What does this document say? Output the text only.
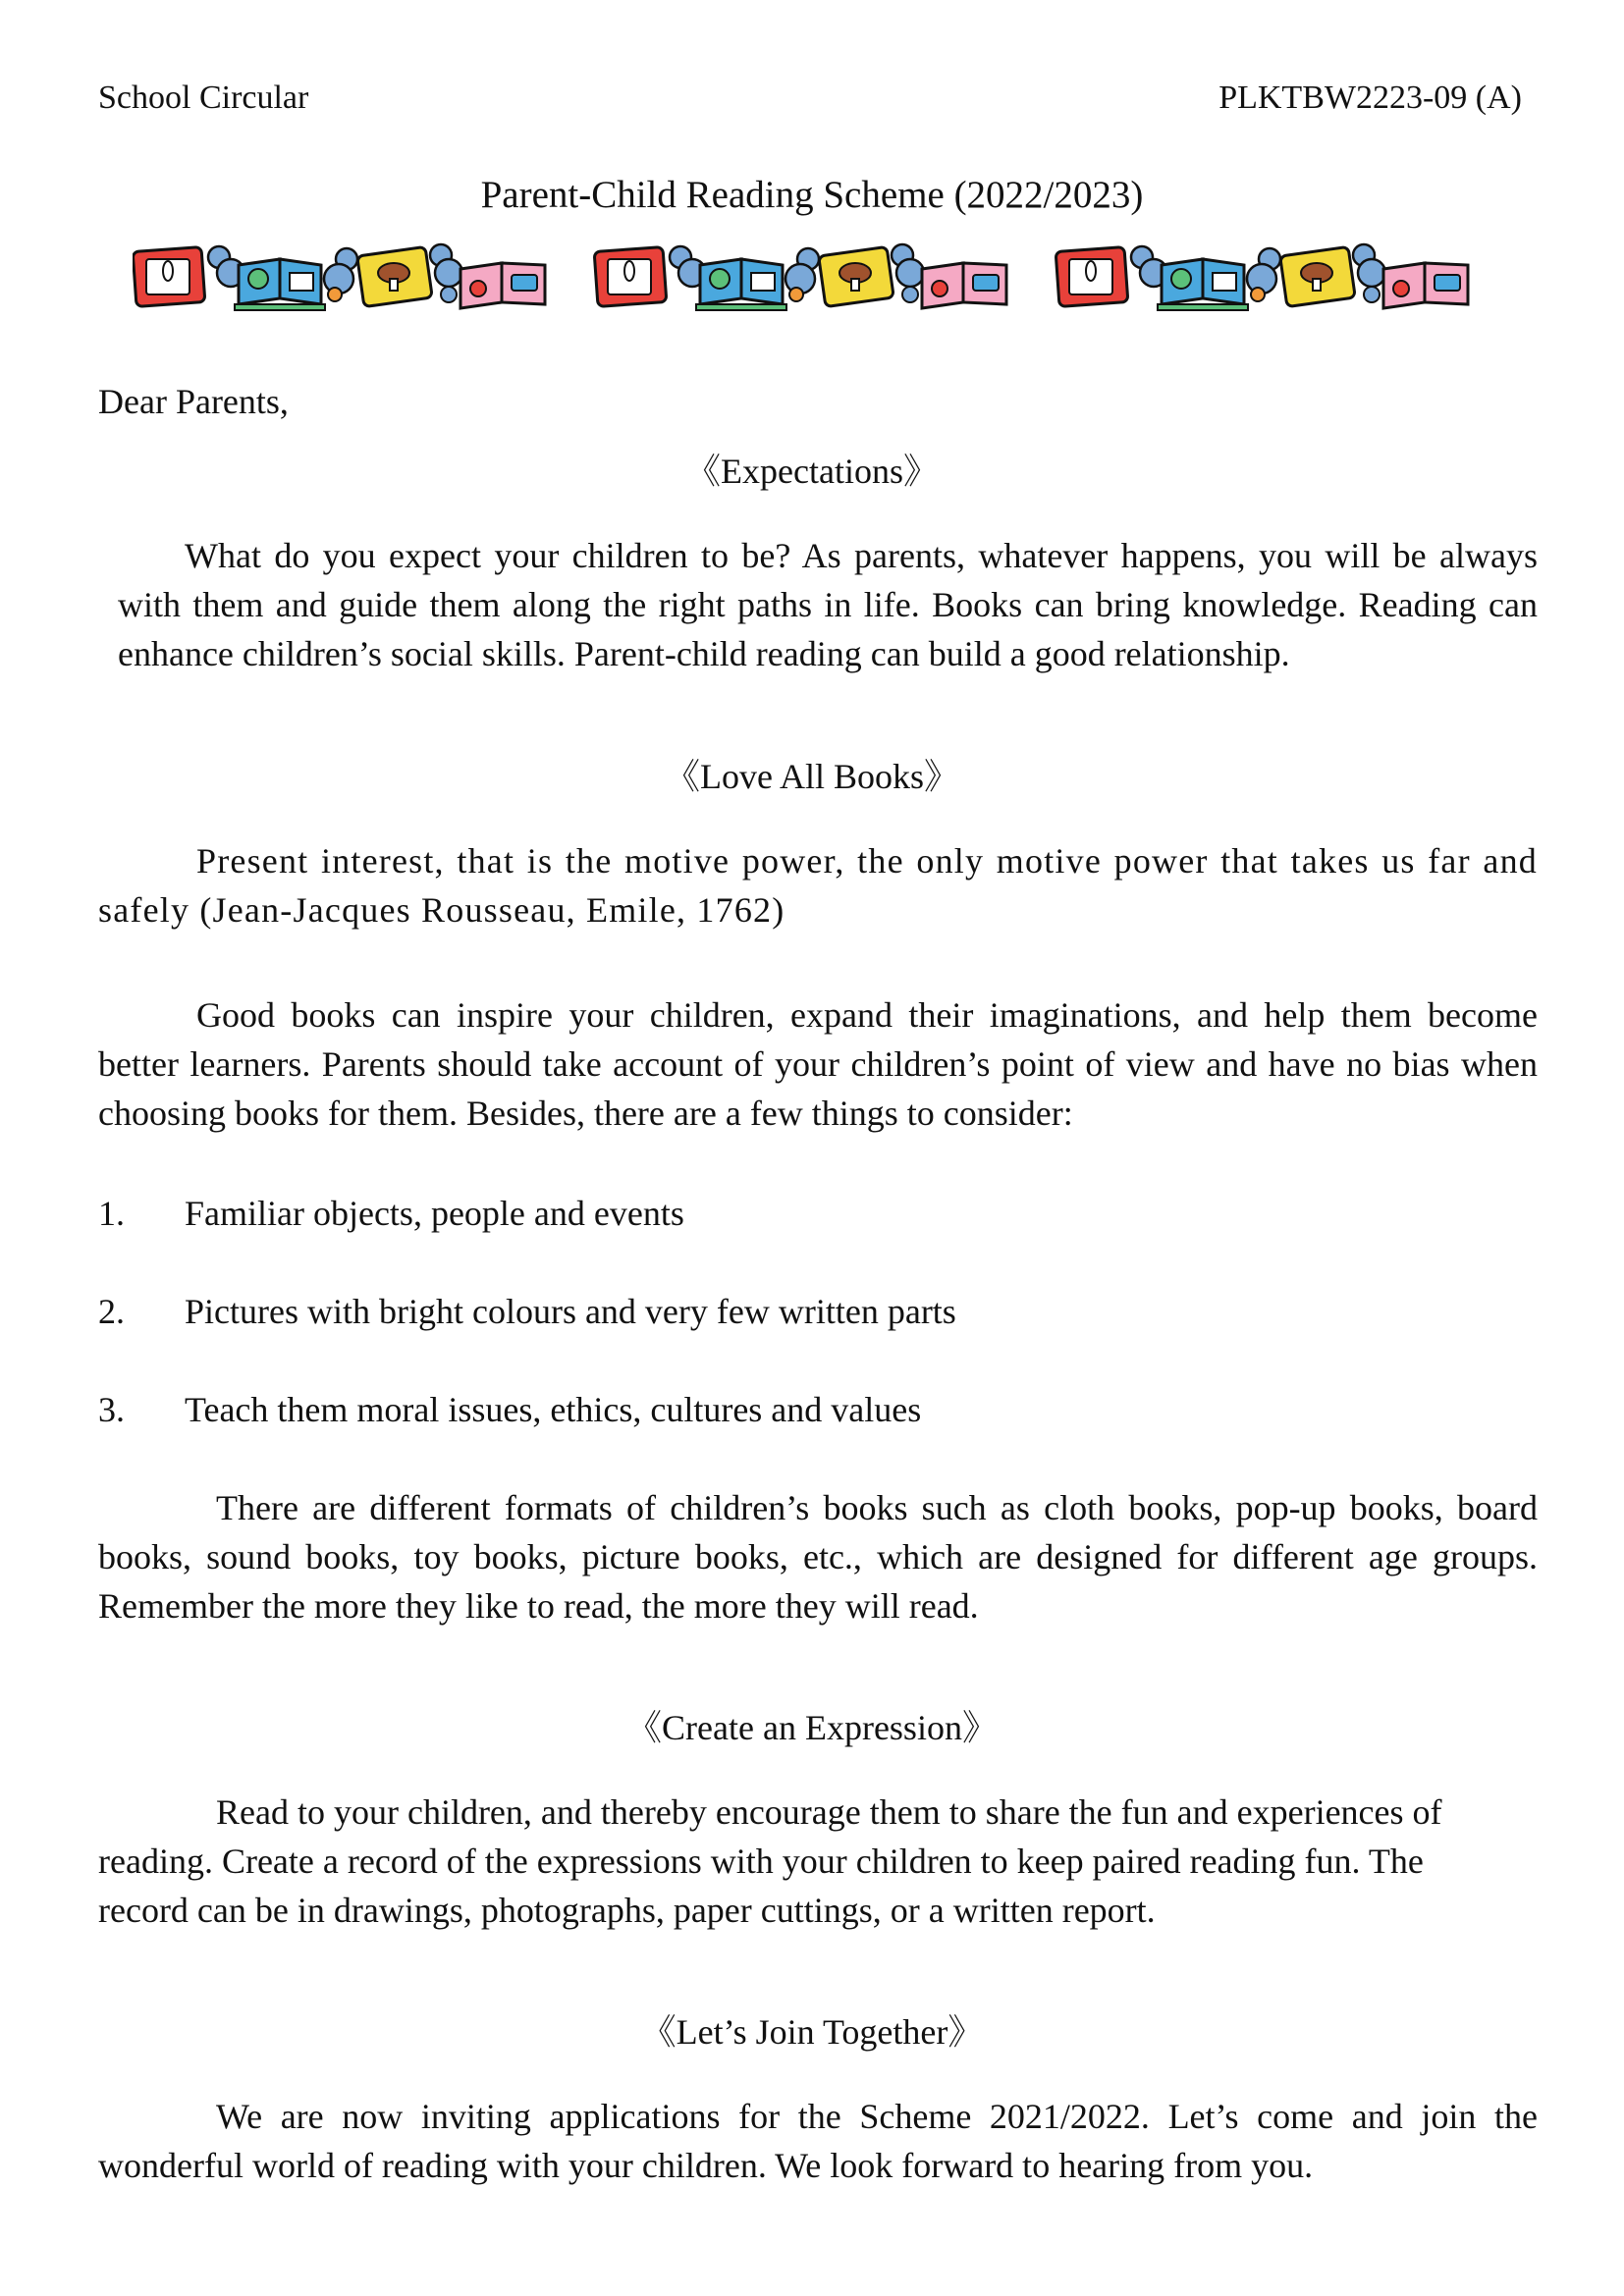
School Circular	PLKTBW2223-09 (A)
Parent-Child Reading Scheme (2022/2023)
Dear Parents,
《Expectations》

What do you expect your children to be? As parents, whatever happens, you will be always with them and guide them along the right paths in life. Books can bring knowledge. Reading can enhance children’s social skills. Parent-child reading can build a good relationship.

《Love All Books》

Present interest, that is the motive power, the only motive power that takes us far and safely (Jean-Jacques Rousseau, Emile, 1762)

Good books can inspire your children, expand their imaginations, and help them become better learners. Parents should take account of your children’s point of view and have no bias when choosing books for them. Besides, there are a few things to consider:

1. Familiar objects, people and events
2. Pictures with bright colours and very few written parts
3. Teach them moral issues, ethics, cultures and values

There are different formats of children’s books such as cloth books, pop-up books, board books, sound books, toy books, picture books, etc., which are designed for different age groups. Remember the more they like to read, the more they will read.

《Create an Expression》

Read to your children, and thereby encourage them to share the fun and experiences of reading. Create a record of the expressions with your children to keep paired reading fun. The record can be in drawings, photographs, paper cuttings, or a written report.

《Let’s Join Together》

We are now inviting applications for the Scheme 2021/2022. Let’s come and join the wonderful world of reading with your children. We look forward to hearing from you.
